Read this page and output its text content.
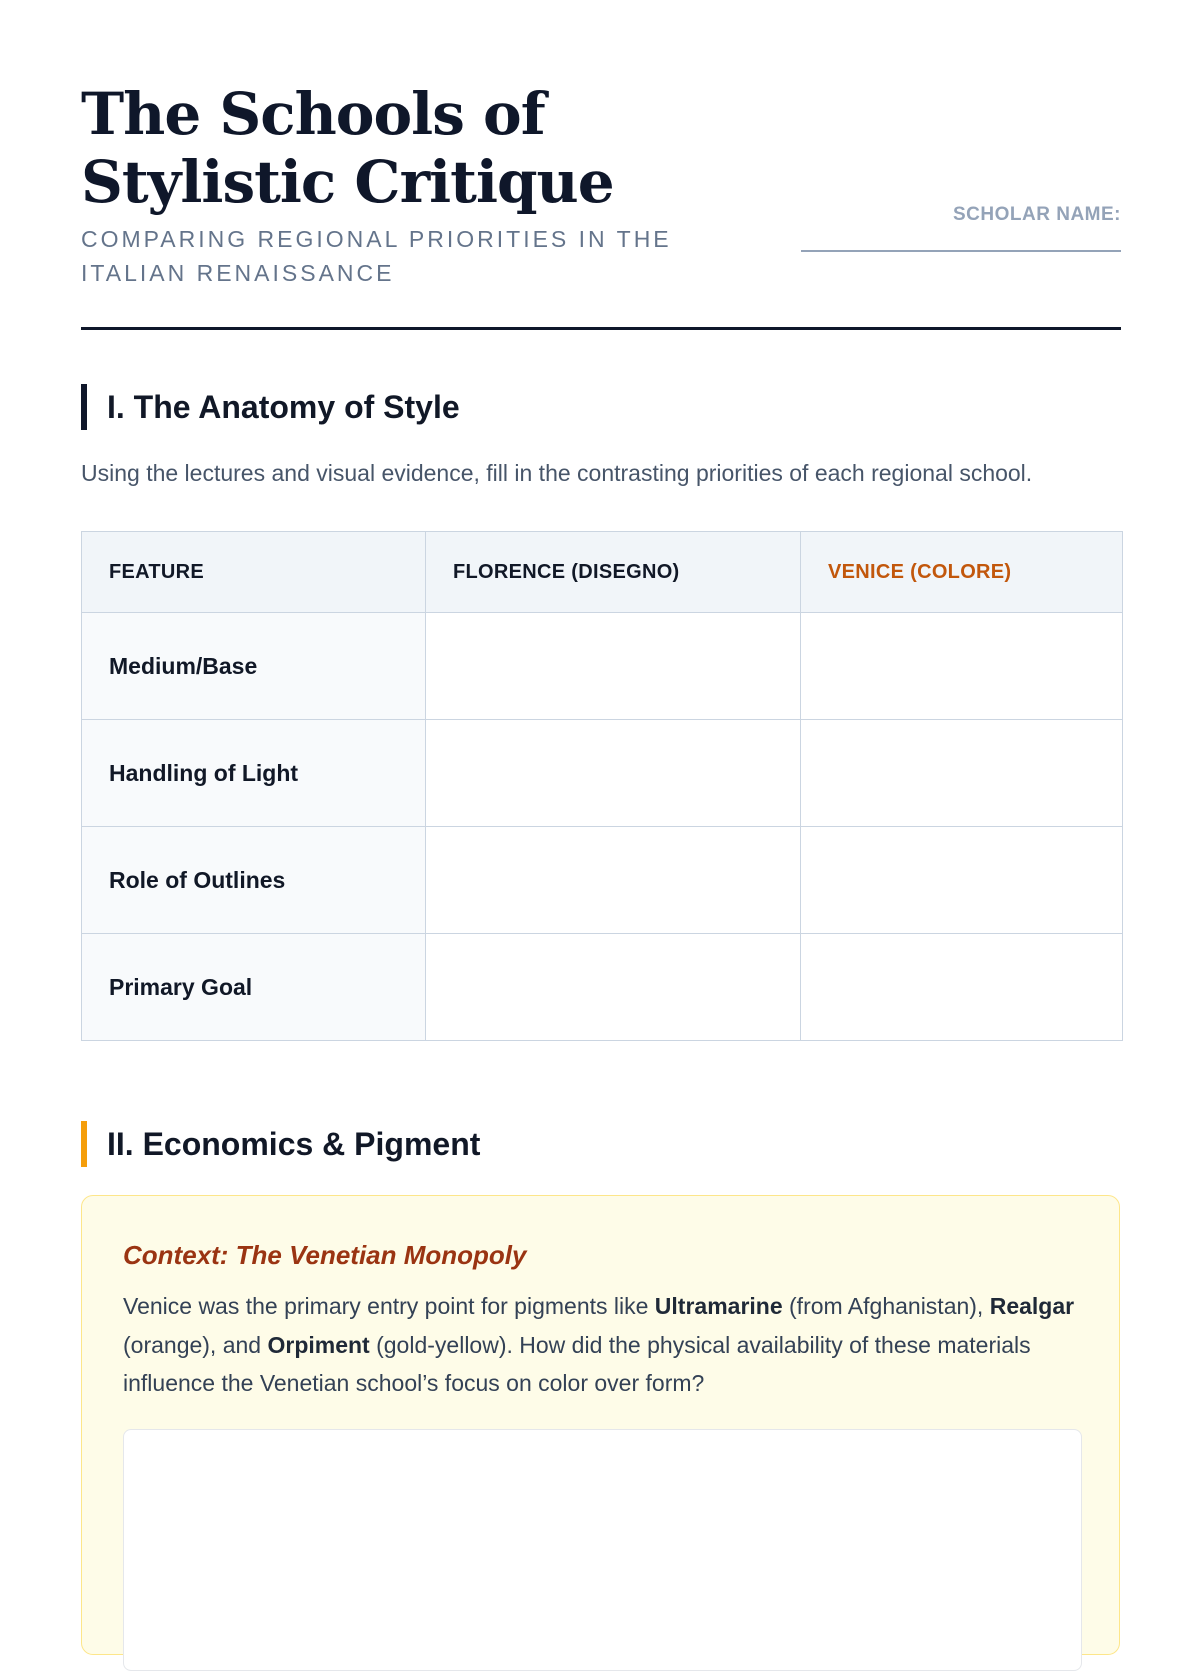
The Schools of Stylistic Critique
COMPARING REGIONAL PRIORITIES IN THE ITALIAN RENAISSANCE
SCHOLAR NAME:
I. The Anatomy of Style
Using the lectures and visual evidence, fill in the contrasting priorities of each regional school.
FEATURE	FLORENCE (DISEGNO)	VENICE (COLORE)
Medium/Base		
Handling of Light		
Role of Outlines		
Primary Goal		
II. Economics & Pigment
Context: The Venetian Monopoly
Venice was the primary entry point for pigments like Ultramarine (from Afghanistan), Realgar (orange), and Orpiment (gold-yellow). How did the physical availability of these materials influence the Venetian school’s focus on color over form?
